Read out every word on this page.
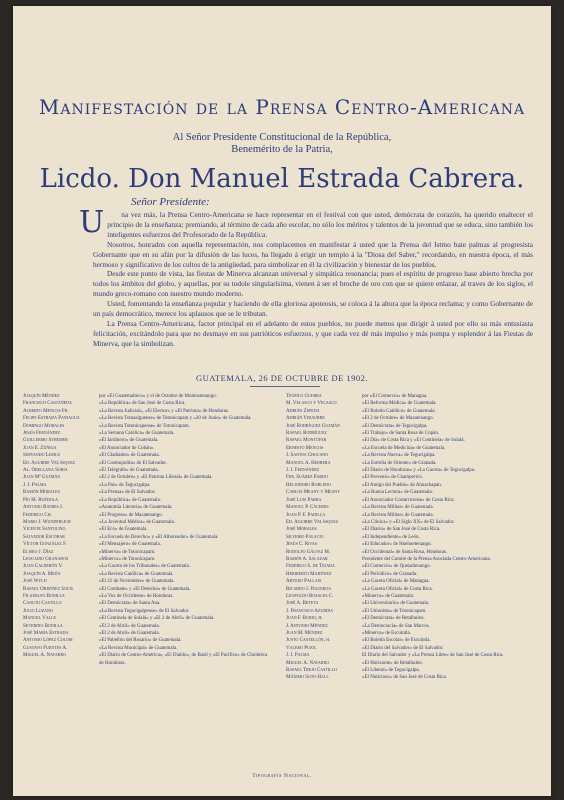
Manifestación de la Prensa Centro-Americana
Al Señor Presidente Constitucional de la República,
Benemérito de la Patria,
Licdo. Don Manuel Estrada Cabrera.
Señor Presidente:

U na vez más, la Prensa Centro-Americana se hace representar en el festival con que usted, demócrata de corazón, ha querido enaltecer el principio de la enseñanza; premiando, al término de cada año escolar, no sólo los méritos y talentos de la juventud que se educa, sino también los inteligentes esfuerzos del Profesorado de la República.

Nosotros, honrados con aquella representación, nos complacemos en manifestar á usted que la Prensa del Istmo bate palmas al progresista Gobernante que en su afán por la difusión de las luces, ha llegado á erigir un templo á la "Diosa del Saber," recordando, en nuestra época, el más hermoso y significativo de los cultos de la antigüedad, para simbolizar en él la civilización y bienestar de los pueblos.

Desde este punto de vista, las fiestas de Minerva alcanzan universal y simpática resonancia; pues el espíritu de progreso hase abierto brecha por todos los ámbitos del globo, y aquellas, por su todole singularísima, vienen á ser el broche de oro con que se quiere enlazar, al traves de los siglos, el mundo greco-romano con nuestro mundo moderno.

Usted, fomentando la enseñanza popular y haciendo de ella gloriosa apoteosis, se coloca á la altura que la época reclama; y como Gobernante de un país democrático, merece los aplausos que se le tributan.

La Prensa Centro-Americana, factor principal en el adelanto de estos pueblos, no puede menos que dirigir á usted por ello su más entusiasta felicitación, excitándolo para que no desmaye en sus patrióticos esfuerzos, y que cada vez dé más impulso y más pompa y esplendor á las Fiestas de Minerva, que la simbolizan.

GUATEMALA, 26 DE OCTUBRE DE 1902.
Joaquín Méndez	por «El Guatemalteco» y el de Octubre de Momostenango.
Francisco Castañeda	«La República» de San José de Costa Rica.
Alberto Mencos Fr.	«La Revista Judicial», «El Elector» y «El Patriota» de Honduras.
Felipe Estrada Paniagua	«La Revista Tomasiguense» de Totonicapam y «20 de Junio» de Guatemala.
Domingo Morales	«La Revista Totonicapense» de Totonicapam.
Jesús Fernández	«La Semana Católica» de Guatemala.
Guillermo Sthemer	«El Jardinero» de Guatemala.
Juan E. Zúñiga	«El Anunciador de Cobán».
Servando Lemus	«El Gladiador» de Guatemala.
Ed. Aguirre Velásquez	«El Cosmopolita» de El Salvador.
Al. Orellana Soria	«El Telégrafo» de Guatemala.
Juan Mª Guzmán	«El 2 de Octubre» y «El Patriota Liberal» de Guatemala.
J. J. Palma	«La Paz» de Tegucigalpa.
Ramón Morales	«La Prensa» de El Salvador.
Pío M. Ruédola	«La República» de Guatemala.
Antonio Batres J.	«Anatomía Literaria» de Guatemala.
Federico Ch.	«El Progreso» de Mazatenango.
Mario J. Wunderlich	«La Juventud Médica» de Guatemala.
Vicente Santolino	«El Eco» de Guatemala.
Salvador Escobar	«La Escuela de Derecho» y «El Alboreador» de Guatemala.
Víctor González F.	«El Mensajero» de Guatemala.
Eliseo J. Díaz	«Minerva» de Totonicapam.
Leocadio Granados	«Minerva» de Totonicapam.
Juan Calderón V.	«La Gaceta de los Tribunales» de Guatemala.
Joaquín A. Mejía	«La Revista Católica» de Guatemala.
José Wyld	«El 21 de Noviembre» de Guatemala.
Rafael Ordóñez Solís	«El Combate» y «El Derecho» de Guatemala.
Filadelfo Bonilla	«La Voz de Occidente» de Honduras.
Canuto Castillo	«El Demócrata» de Santa Ana.
Julio Lozano	«La Revista Tegucigalpense» de El Salvador.
Manuel Valle	«El Centinela de Solalá» y «El 2 de Abril» de Guatemala.
Severino Bonilla	«El 2 de Abril» de Guatemala.
José María Estrada	«El 2 de Abril» de Guatemala.
Antonio López Colom	«El Pabellón del Rosario» de Guatemala.
Gustavo Fuentes A.	«La Revista Municipal» de Guatemala.
Miguel A. Navarro	«El Diario de Centro-América», «El Diablo», de Basil y «El Pacífico» de Cholutéca de Honduras.
Teófilo Guerra	por «El Comercio» de Managua.
M. Velasco y Velasco	«El Reforma Médica» de Guatemala.
Adrián Zepeda	«El Boletín Católico» de Guatemala.
Adrián Vidaurre	«El 2 de Octubre» de Mazatenango.
José Rodríguez Guzmán	«El Demócrata» de Tegucigalpa.
Rafael Rodríguez	«El Trabajo» de Santa Rosa de Copán.
Rafael Montúfar	«El Día» de Costa Rica y «El Centinela» de Solalá.
Ernesto Mencos	«La Escuela de Medicina» de Guatemala.
J. Santos Chocano	«La Revista Nueva» de Tegucigalpa.
Manuel A. Herrera	«La Estrella de Oriente» de Granada.
J. J. Fernández	«El Diario de Honduras» y «La Gaceta» de Tegucigalpa.
Fer. Suárez Pardo	«El Porvenir» de Champerico.
Heliodoro Robledo	«El Amigo del Pueblo» de Ahuachapán.
Carlos Meany y Meany	«La Buena Lectura» de Guatemala.
José Luis Parra	«El Anunciador Costarricense» de Costa Rica.
Manuel P. Cáceres	«La Revista Militar» de Guatemala.
Juan P. F. Padilla	«La Revista Militar» de Guatemala.
Ed. Aguirre Velásquez	«La Clínica» y «El Siglo XX» de El Salvador.
José Morales	«El Diario» de San José de Costa Rica.
Silverio Palacio	«El Independiente» de León.
Jesús C. Rivas	«El Educador» de Huehuetenango.
Rodolfo Gálvez M.	«El Occidental» de Santa Rosa, Honduras.
Ramón A. Salazar	Presidente del Comité de la Prensa Asociada Centro-Americana.
Federico S. de Tejada	«El Comercio» de Quezaltenango.
Heriberto Martínez	«El Periódico» de Granada.
Arturo Pallais	«La Gaceta Oficial» de Managua.
Ricardo J. Figueroa	«La Gaceta Oficial» de Costa Rica.
Leopoldo Rosales C.	«Minerva» de Guatemala.
José A. Beteta	«El Universitario» de Guatemala.
J. Francisco Azurdia	«El Unionista» de Totonicapam.
Juan F. Rubio, h.	«El Demócrata» de Retalhuleu.
J. Antonio Méndez	«La Democracia» de San Marcos.
Juan M. Méndez	«Minerva» de Escuintla.
Justo Castellón, h.	«El Boletín Escolar» de Escuintla.
Valero Pujol	«El Diario del Salvador» de El Salvador.
J. J. Palma	El Diario del Salvador y «La Prensa Libre» de San José de Costa Rica.
Miguel A. Navarro	«El Horizonte» de Retalhuleu.
Rafael Trejo Castillo	«El Liberal» de Tegucigalpa.
Máximo Soto Hall	«El Noticioso» de San José de Costa Rica.
Tipografía Nacional.
